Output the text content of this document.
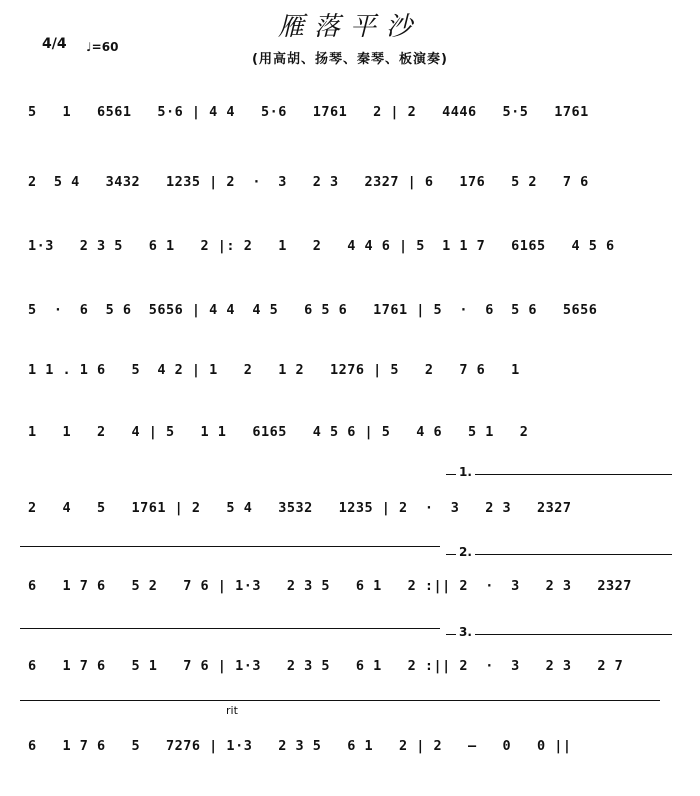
雁落平沙
(用高胡、扬琴、秦琴、板演奏)
4/4 ♩=60
5   1   6561   5·6 | 4 4   5·6   1761   2 | 2   4446   5·5   1761
2  5 4   3432   1235 | 2  ·  3   2 3   2327 | 6   176   5 2   7 6
1·3   2 3 5   6 1   2 |: 2   1   2   4 4 6 | 5  1 1 7   6165   4 5 6
5  ·  6  5 6  5656 | 4 4  4 5   6 5 6   1761 | 5  ·  6  5 6   5656
1 1 . 1 6   5  4 2 | 1   2   1 2   1276 | 5   2   7 6   1
1   1   2   4 | 5   1 1   6165   4 5 6 | 5   4 6   5 1   2
1.
2   4   5   1761 | 2   5 4   3532   1235 | 2  ·  3   2 3   2327
2.
6   1 7 6   5 2   7 6 | 1·3   2 3 5   6 1   2 :|| 2  ·  3   2 3   2327
3.
6   1 7 6   5 1   7 6 | 1·3   2 3 5   6 1   2 :|| 2  ·  3   2 3   2 7
rit
6   1 7 6   5   7276 | 1·3   2 3 5   6 1   2 | 2   —   0   0 ||
